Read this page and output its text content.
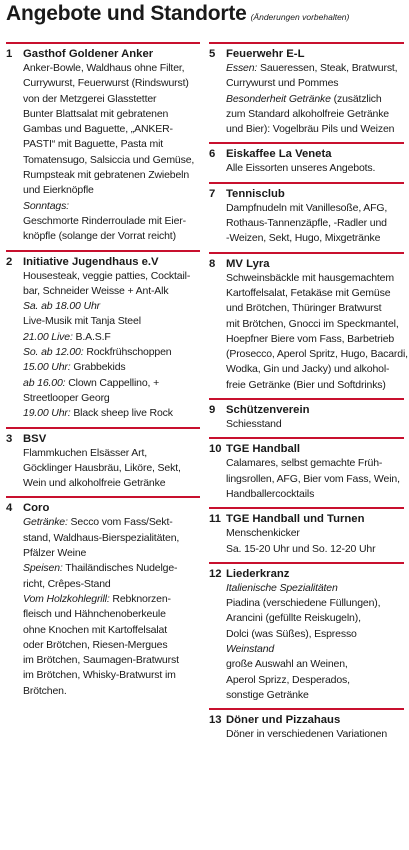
Angebote und Standorte (Änderungen vorbehalten)
1 Gasthof Goldener Anker
Anker-Bowle, Waldhaus ohne Filter,
Currywurst, Feuerwurst (Rindswurst)
von der Metzgerei Glasstetter
Bunter Blattsalat mit gebratenen
Gambas und Baguette, „ANKER-
PASTI“ mit Baguette, Pasta mit
Tomatensugo, Salsiccia und Gemüse,
Rumpsteak mit gebratenen Zwiebeln
und Eierknöpfle
Sonntags:
Geschmorte Rinderroulade mit Eier-
knöpfle (solange der Vorrat reicht)
2 Initiative Jugendhaus e.V
Housesteak, veggie patties, Cocktail-
bar, Schneider Weisse + Ant-Alk
Sa. ab 18.00 Uhr
Live-Musik mit Tanja Steel
21.00 Live: B.A.S.F
So. ab 12.00: Rockfrühschoppen
15.00 Uhr: Grabbekids
ab 16.00: Clown Cappellino, +
Streetlooper Georg
19.00 Uhr: Black sheep live Rock
3 BSV
Flammkuchen Elsässer Art,
Göcklinger Hausbräu, Liköre, Sekt,
Wein und alkoholfreie Getränke
4 Coro
Getränke: Secco vom Fass/Sekt-
stand, Waldhaus-Bierspezialitäten,
Pfälzer Weine
Speisen: Thailändisches Nudelge-
richt, Crêpes-Stand
Vom Holzkohlegrill: Rebknorzen-
fleisch und Hähnchenoberkeule
ohne Knochen mit Kartoffelsalat
oder Brötchen, Riesen-Mergues
im Brötchen, Saumagen-Bratwurst
im Brötchen, Whisky-Bratwurst im
Brötchen.
5 Feuerwehr E-L
Essen: Saueressen, Steak, Bratwurst,
Currywurst und Pommes
Besonderheit Getränke (zusätzlich
zum Standard alkoholfreie Getränke
und Bier): Vogelbräu Pils und Weizen
6 Eiskaffee La Veneta
Alle Eissorten unseres Angebots.
7 Tennisclub
Dampfnudeln mit Vanillesoße, AFG,
Rothaus-Tannenzäpfle, -Radler und
-Weizen, Sekt, Hugo, Mixgetränke
8 MV Lyra
Schweinsbäckle mit hausgemachtem
Kartoffelsalat, Fetakäse mit Gemüse
und Brötchen, Thüringer Bratwurst
mit Brötchen, Gnocci im Speckmantel,
Hoepfner Biere vom Fass, Barbetrieb
(Prosecco, Aperol Spritz, Hugo, Bacardi,
Wodka, Gin und Jacky) und alkohol-
freie Getränke (Bier und Softdrinks)
9 Schützenverein
Schiesstand
10 TGE Handball
Calamares, selbst gemachte Früh-
lingsrollen, AFG, Bier vom Fass, Wein,
Handballercocktails
11 TGE Handball und Turnen
Menschenkicker
Sa. 15-20 Uhr und So. 12-20 Uhr
12 Liederkranz
Italienische Spezialitäten
Piadina (verschiedene Füllungen),
Arancini (gefüllte Reiskugeln),
Dolci (was Süßes), Espresso
Weinstand
große Auswahl an Weinen,
Aperol Sprizz, Desperados,
sonstige Getränke
13 Döner und Pizzahaus
Döner in verschiedenen Variationen
